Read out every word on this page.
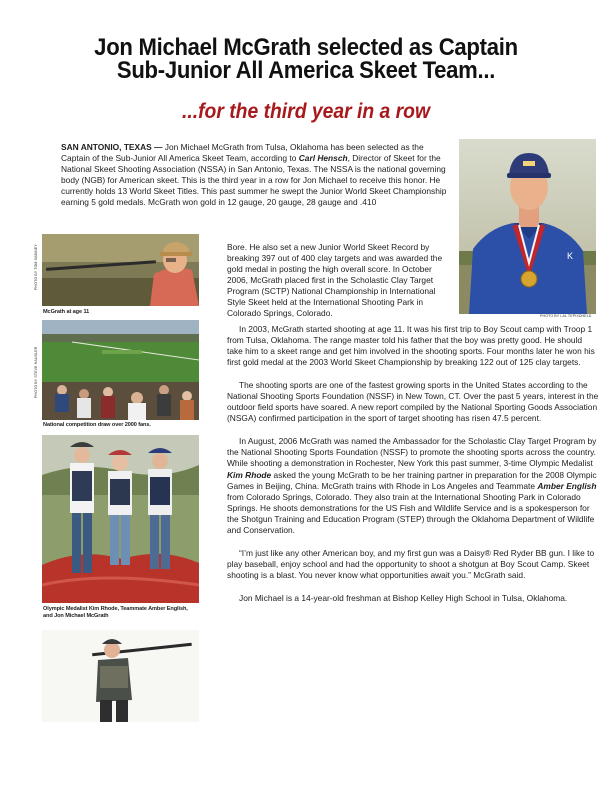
Jon Michael McGrath selected as Captain
Sub-Junior All America Skeet Team...
...for the third year in a row
K
PHOTO BY LAL TEPIXDHELD
PHOTO BY TOM SABINEY
McGrath at age 11
PHOTO BY STEVE HAUSLER
National competition draw over 2000 fans.
Olympic Medalist Kim Rhode, Teammate Amber English,
and Jon Michael McGrath
SAN ANTONIO, TEXAS — Jon Michael McGrath from Tulsa, Oklahoma has been selected as the Captain of the Sub-Junior All America Skeet Team, according to Carl Hensch, Director of Skeet for the National Skeet Shooting Association (NSSA) in San Antonio, Texas. The NSSA is the national governing body (NGB) for American skeet. This is the third year in a row for Jon Michael to receive this honor. He currently holds 13 World Skeet Titles. This past summer he swept the Junior World Skeet Championship earning 5 gold medals. McGrath won gold in 12 gauge, 20 gauge, 28 gauge and .410
Bore. He also set a new Junior World Skeet Record by breaking 397 out of 400 clay targets and was awarded the gold medal in posting the high overall score. In October 2006, McGrath placed first in the Scholastic Clay Target Program (SCTP) National Championship in International Style Skeet held at the International Shooting Park in Colorado Springs, Colorado.

In 2003, McGrath started shooting at age 11. It was his first trip to Boy Scout camp with Troop 1 from Tulsa, Oklahoma. The range master told his father that the boy was pretty good. He should take him to a skeet range and get him involved in the shooting sports. Four months later he won his first gold medal at the 2003 World Skeet Championship by breaking 122 out of 125 clay targets.

The shooting sports are one of the fastest growing sports in the United States according to the National Shooting Sports Foundation (NSSF) in New Town, CT. Over the past 5 years, interest in the outdoor field sports have soared. A new report compiled by the National Sporting Goods Association (NSGA) confirmed participation in the sport of target shooting has risen 47.5 percent.

In August, 2006 McGrath was named the Ambassador for the Scholastic Clay Target Program by the National Shooting Sports Foundation (NSSF) to promote the shooting sports across the country. While shooting a demonstration in Rochester, New York this past summer, 3-time Olympic Medalist Kim Rhode asked the young McGrath to be her training partner in preparation for the 2008 Olympic Games in Beijing, China. McGrath trains with Rhode in Los Angeles and Teammate Amber English from Colorado Springs, Colorado. They also train at the International Shooting Park in Colorado Springs. He shoots demonstrations for the US Fish and Wildlife Service and is a spokesperson for the Shotgun Training and Education Program (STEP) through the Oklahoma Department of Wildlife and Conservation.

“I’m just like any other American boy, and my first gun was a Daisy® Red Ryder BB gun. I like to play baseball, enjoy school and had the opportunity to shoot a shotgun at Boy Scout Camp. Skeet shooting is a blast. You never know what opportunities await you.” McGrath said.

Jon Michael is a 14-year-old freshman at Bishop Kelley High School in Tulsa, Oklahoma.
